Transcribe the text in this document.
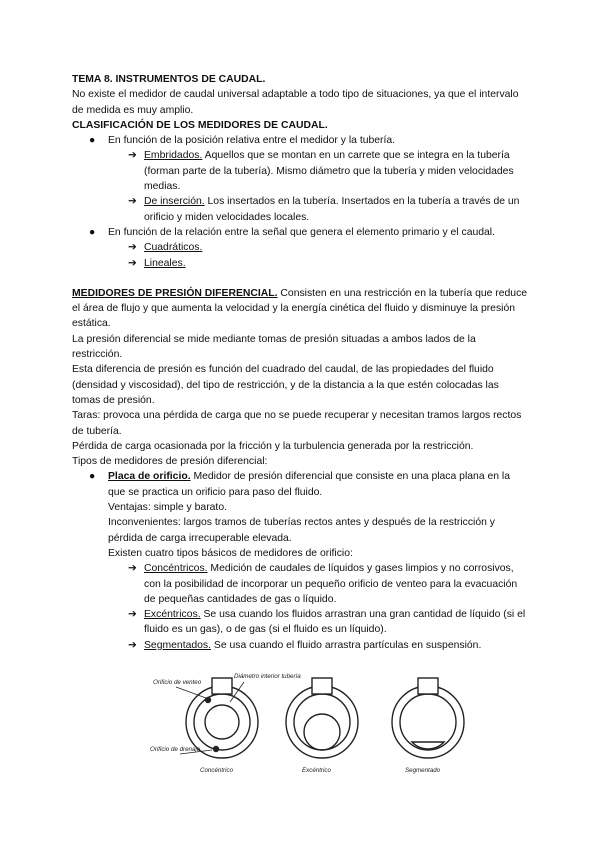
TEMA 8. INSTRUMENTOS DE CAUDAL.

No existe el medidor de caudal universal adaptable a todo tipo de situaciones, ya que el intervalo de medida es muy amplio.

CLASIFICACIÓN DE LOS MEDIDORES DE CAUDAL.

● En función de la posición relativa entre el medidor y la tubería.
➔ Embridados. Aquellos que se montan en un carrete que se integra en la tubería (forman parte de la tubería). Mismo diámetro que la tubería y miden velocidades medias.
➔ De inserción. Los insertados en la tubería. Insertados en la tubería a través de un orificio y miden velocidades locales.
● En función de la relación entre la señal que genera el elemento primario y el caudal.
➔ Cuadráticos.
➔ Lineales.

MEDIDORES DE PRESIÓN DIFERENCIAL. Consisten en una restricción en la tubería que reduce el área de flujo y que aumenta la velocidad y la energía cinética del fluido y disminuye la presión estática.

La presión diferencial se mide mediante tomas de presión situadas a ambos lados de la restricción.

Esta diferencia de presión es función del cuadrado del caudal, de las propiedades del fluido (densidad y viscosidad), del tipo de restricción, y de la distancia a la que estén colocadas las tomas de presión.

Taras: provoca una pérdida de carga que no se puede recuperar y necesitan tramos largos rectos de tubería.

Pérdida de carga ocasionada por la fricción y la turbulencia generada por la restricción.

Tipos de medidores de presión diferencial:

● Placa de orificio. Medidor de presión diferencial que consiste en una placa plana en la que se practica un orificio para paso del fluido.

Ventajas: simple y barato.

Inconvenientes: largos tramos de tuberías rectos antes y después de la restricción y pérdida de carga irrecuperable elevada.

Existen cuatro tipos básicos de medidores de orificio:

➔ Concéntricos. Medición de caudales de líquidos y gases limpios y no corrosivos, con la posibilidad de incorporar un pequeño orificio de venteo para la evacuación de pequeñas cantidades de gas o líquido.
➔ Excéntricos. Se usa cuando los fluidos arrastran una gran cantidad de líquido (si el fluido es un gas), o de gas (si el fluido es un líquido).
➔ Segmentados. Se usa cuando el fluido arrastra partículas en suspensión.
Orificio de venteo
Diámetro interior tubería
Orificio de drenaje
Concéntrico	Excéntrico	Segmentado
